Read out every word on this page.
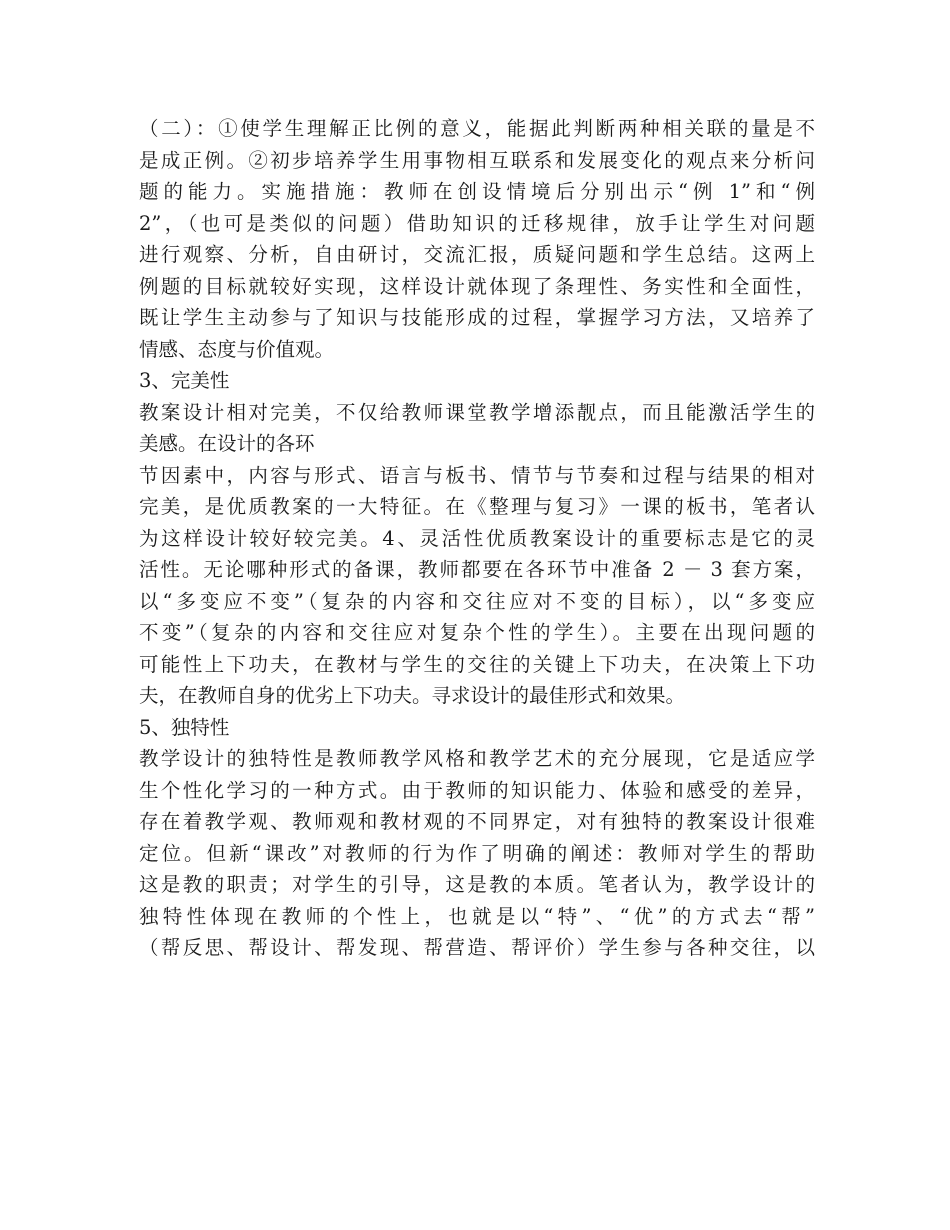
（二）：①使学生理解正比例的意义，能据此判断两种相关联的量是不
是成正例。②初步培养学生用事物相互联系和发展变化的观点来分析问
题的能力。实施措施：教师在创设情境后分别出示“例 1”和“例
2”，（也可是类似的问题）借助知识的迁移规律，放手让学生对问题
进行观察、分析，自由研讨，交流汇报，质疑问题和学生总结。这两上
例题的目标就较好实现，这样设计就体现了条理性、务实性和全面性，
既让学生主动参与了知识与技能形成的过程，掌握学习方法，又培养了
情感、态度与价值观。
3、完美性
教案设计相对完美，不仅给教师课堂教学增添靓点，而且能激活学生的
美感。在设计的各环
节因素中，内容与形式、语言与板书、情节与节奏和过程与结果的相对
完美，是优质教案的一大特征。在《整理与复习》一课的板书，笔者认
为这样设计较好较完美。4、灵活性优质教案设计的重要标志是它的灵
活性。无论哪种形式的备课，教师都要在各环节中准备 2 － 3 套方案，
以“多变应不变”（复杂的内容和交往应对不变的目标），以“多变应
不变”（复杂的内容和交往应对复杂个性的学生）。主要在出现问题的
可能性上下功夫，在教材与学生的交往的关键上下功夫，在决策上下功
夫，在教师自身的优劣上下功夫。寻求设计的最佳形式和效果。
5、独特性
教学设计的独特性是教师教学风格和教学艺术的充分展现，它是适应学
生个性化学习的一种方式。由于教师的知识能力、体验和感受的差异，
存在着教学观、教师观和教材观的不同界定，对有独特的教案设计很难
定位。但新“课改”对教师的行为作了明确的阐述：教师对学生的帮助
这是教的职责；对学生的引导，这是教的本质。笔者认为，教学设计的
独特性体现在教师的个性上，也就是以“特”、“优”的方式去“帮”
（帮反思、帮设计、帮发现、帮营造、帮评价）学生参与各种交往，以
